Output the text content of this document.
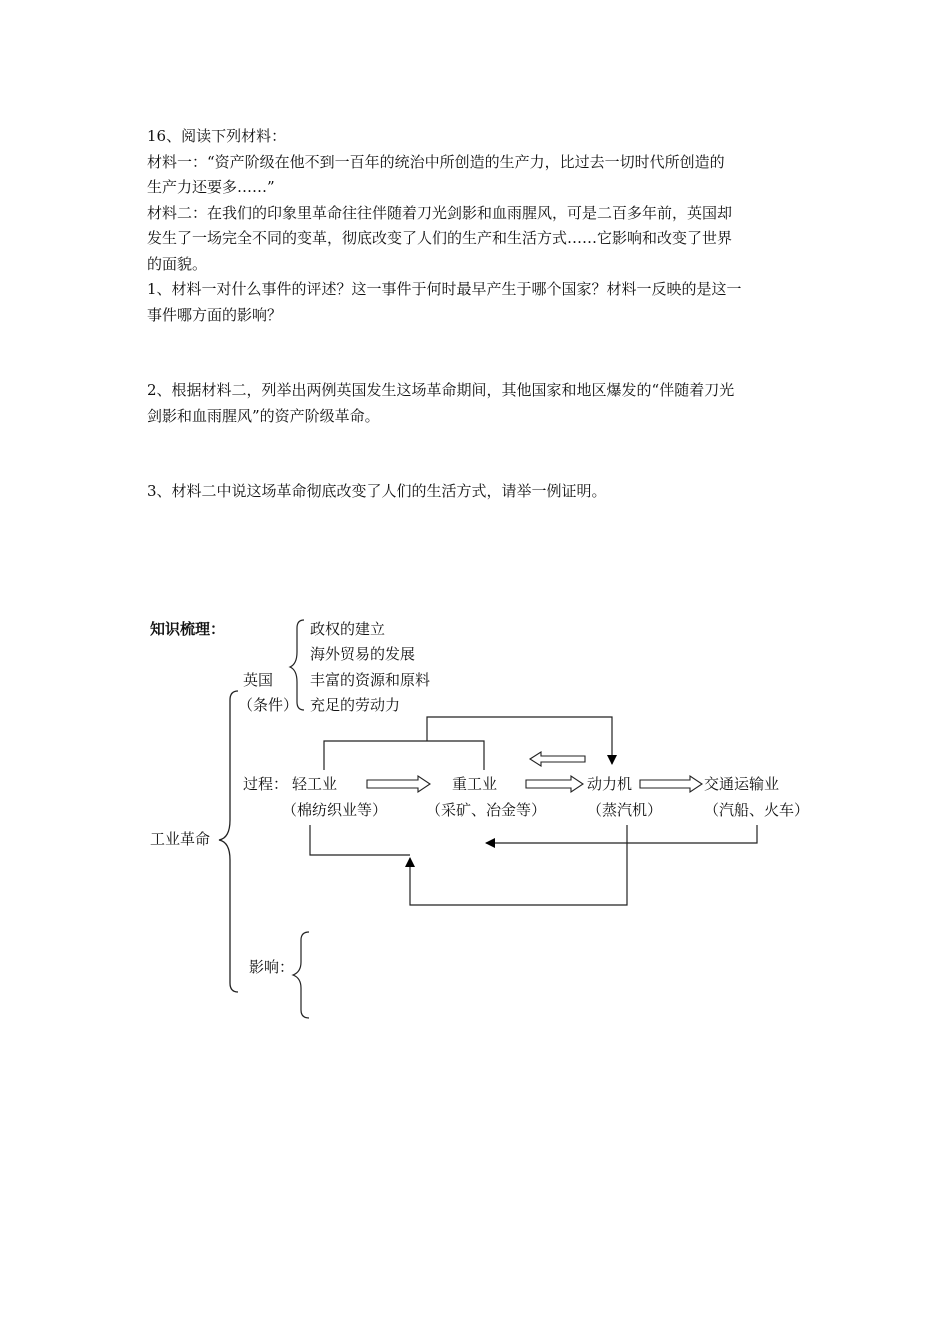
16、阅读下列材料：

材料一：“资产阶级在他不到一百年的统治中所创造的生产力，比过去一切时代所创造的

生产力还要多……”

材料二：在我们的印象里革命往往伴随着刀光剑影和血雨腥风，可是二百多年前，英国却

发生了一场完全不同的变革，彻底改变了人们的生产和生活方式……它影响和改变了世界

的面貌。

1、材料一对什么事件的评述？这一事件于何时最早产生于哪个国家？材料一反映的是这一

事件哪方面的影响？

2、根据材料二，列举出两例英国发生这场革命期间，其他国家和地区爆发的“伴随着刀光

剑影和血雨腥风”的资产阶级革命。

3、材料二中说这场革命彻底改变了人们的生活方式，请举一例证明。

知识梳理：
工业革命
英国
（条件）
政权的建立
海外贸易的发展
丰富的资源和原料
充足的劳动力
过程： 轻工业
（棉纺织业等）
重工业
（采矿、冶金等）
动力机
（蒸汽机）
交通运输业
（汽船、火车）
影响：
